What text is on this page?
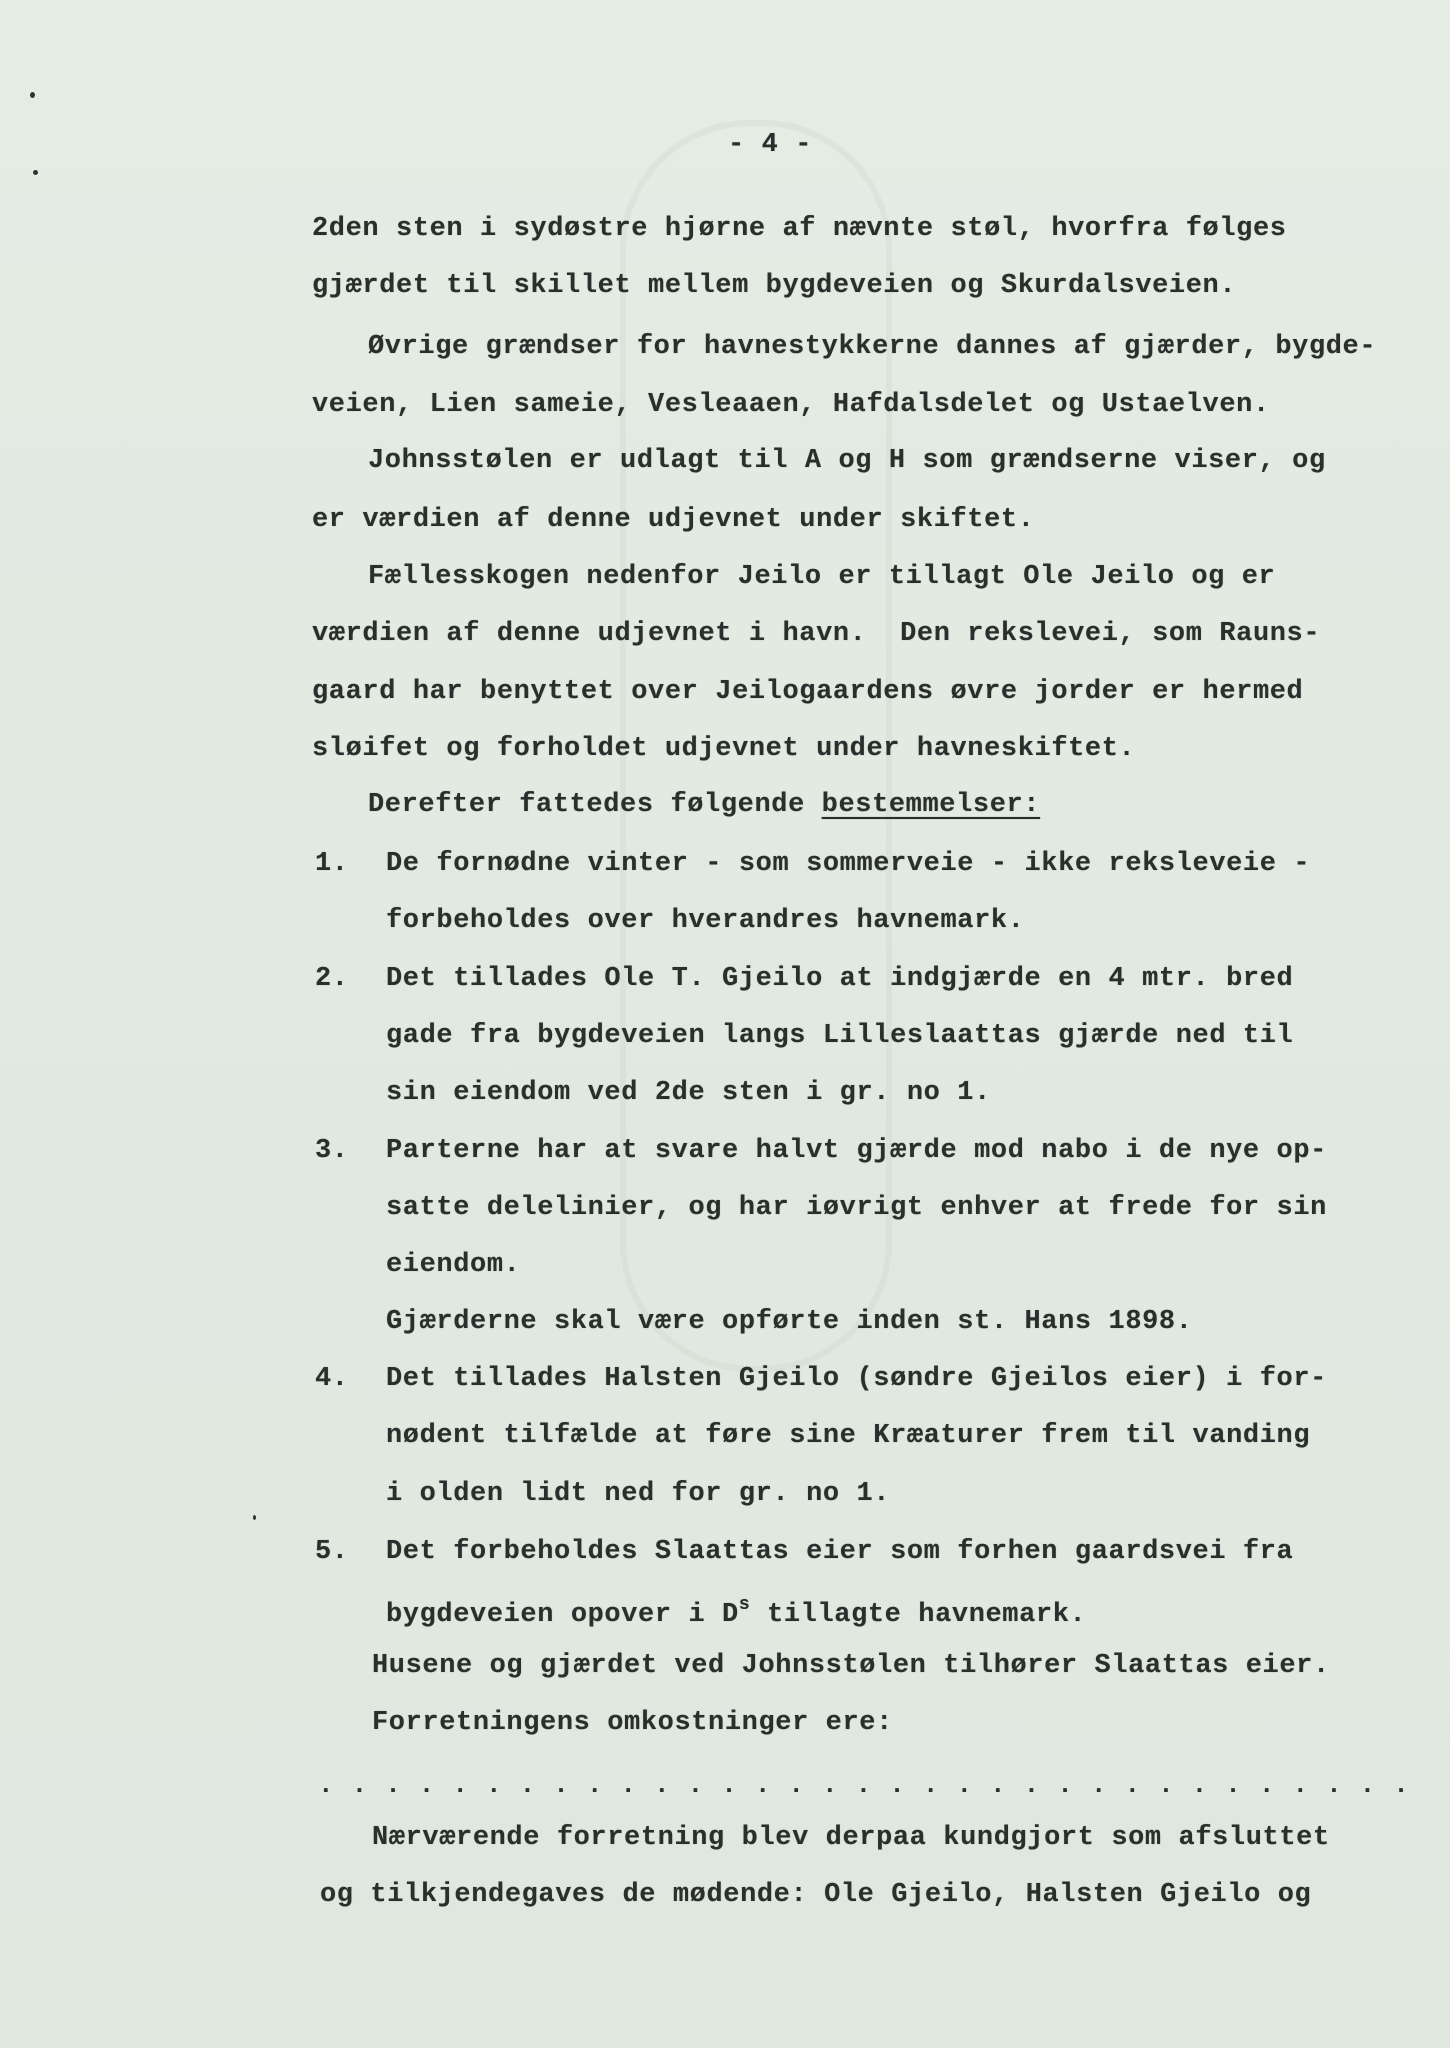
- 4 -
2den sten i sydøstre hjørne af nævnte støl, hvorfra følges
gjærdet til skillet mellem bygdeveien og Skurdalsveien.
Øvrige grændser for havnestykkerne dannes af gjærder, bygde-
veien, Lien sameie, Vesleaaen, Hafdalsdelet og Ustaelven.
Johnsstølen er udlagt til A og H som grændserne viser, og
er værdien af denne udjevnet under skiftet.
Fællesskogen nedenfor Jeilo er tillagt Ole Jeilo og er
værdien af denne udjevnet i havn.  Den rekslevei, som Rauns-
gaard har benyttet over Jeilogaardens øvre jorder er hermed
sløifet og forholdet udjevnet under havneskiftet.
Derefter fattedes følgende bestemmelser:
1. De fornødne vinter - som sommerveie - ikke reksleveie -
forbeholdes over hverandres havnemark.
2. Det tillades Ole T. Gjeilo at indgjærde en 4 mtr. bred
gade fra bygdeveien langs Lilleslaattas gjærde ned til
sin eiendom ved 2de sten i gr. no 1.
3. Parterne har at svare halvt gjærde mod nabo i de nye op-
satte delelinier, og har iøvrigt enhver at frede for sin
eiendom.
Gjærderne skal være opførte inden st. Hans 1898.
4. Det tillades Halsten Gjeilo (søndre Gjeilos eier) i for-
nødent tilfælde at føre sine Kræaturer frem til vanding
i olden lidt ned for gr. no 1.
5. Det forbeholdes Slaattas eier som forhen gaardsvei fra
bygdeveien opover i $D^s$ tillagte havnemark.
Husene og gjærdet ved Johnsstølen tilhører Slaattas eier.
Forretningens omkostninger ere:
.................................
Nærværende forretning blev derpaa kundgjort som afsluttet
og tilkjendegaves de mødende: Ole Gjeilo, Halsten Gjeilo og
